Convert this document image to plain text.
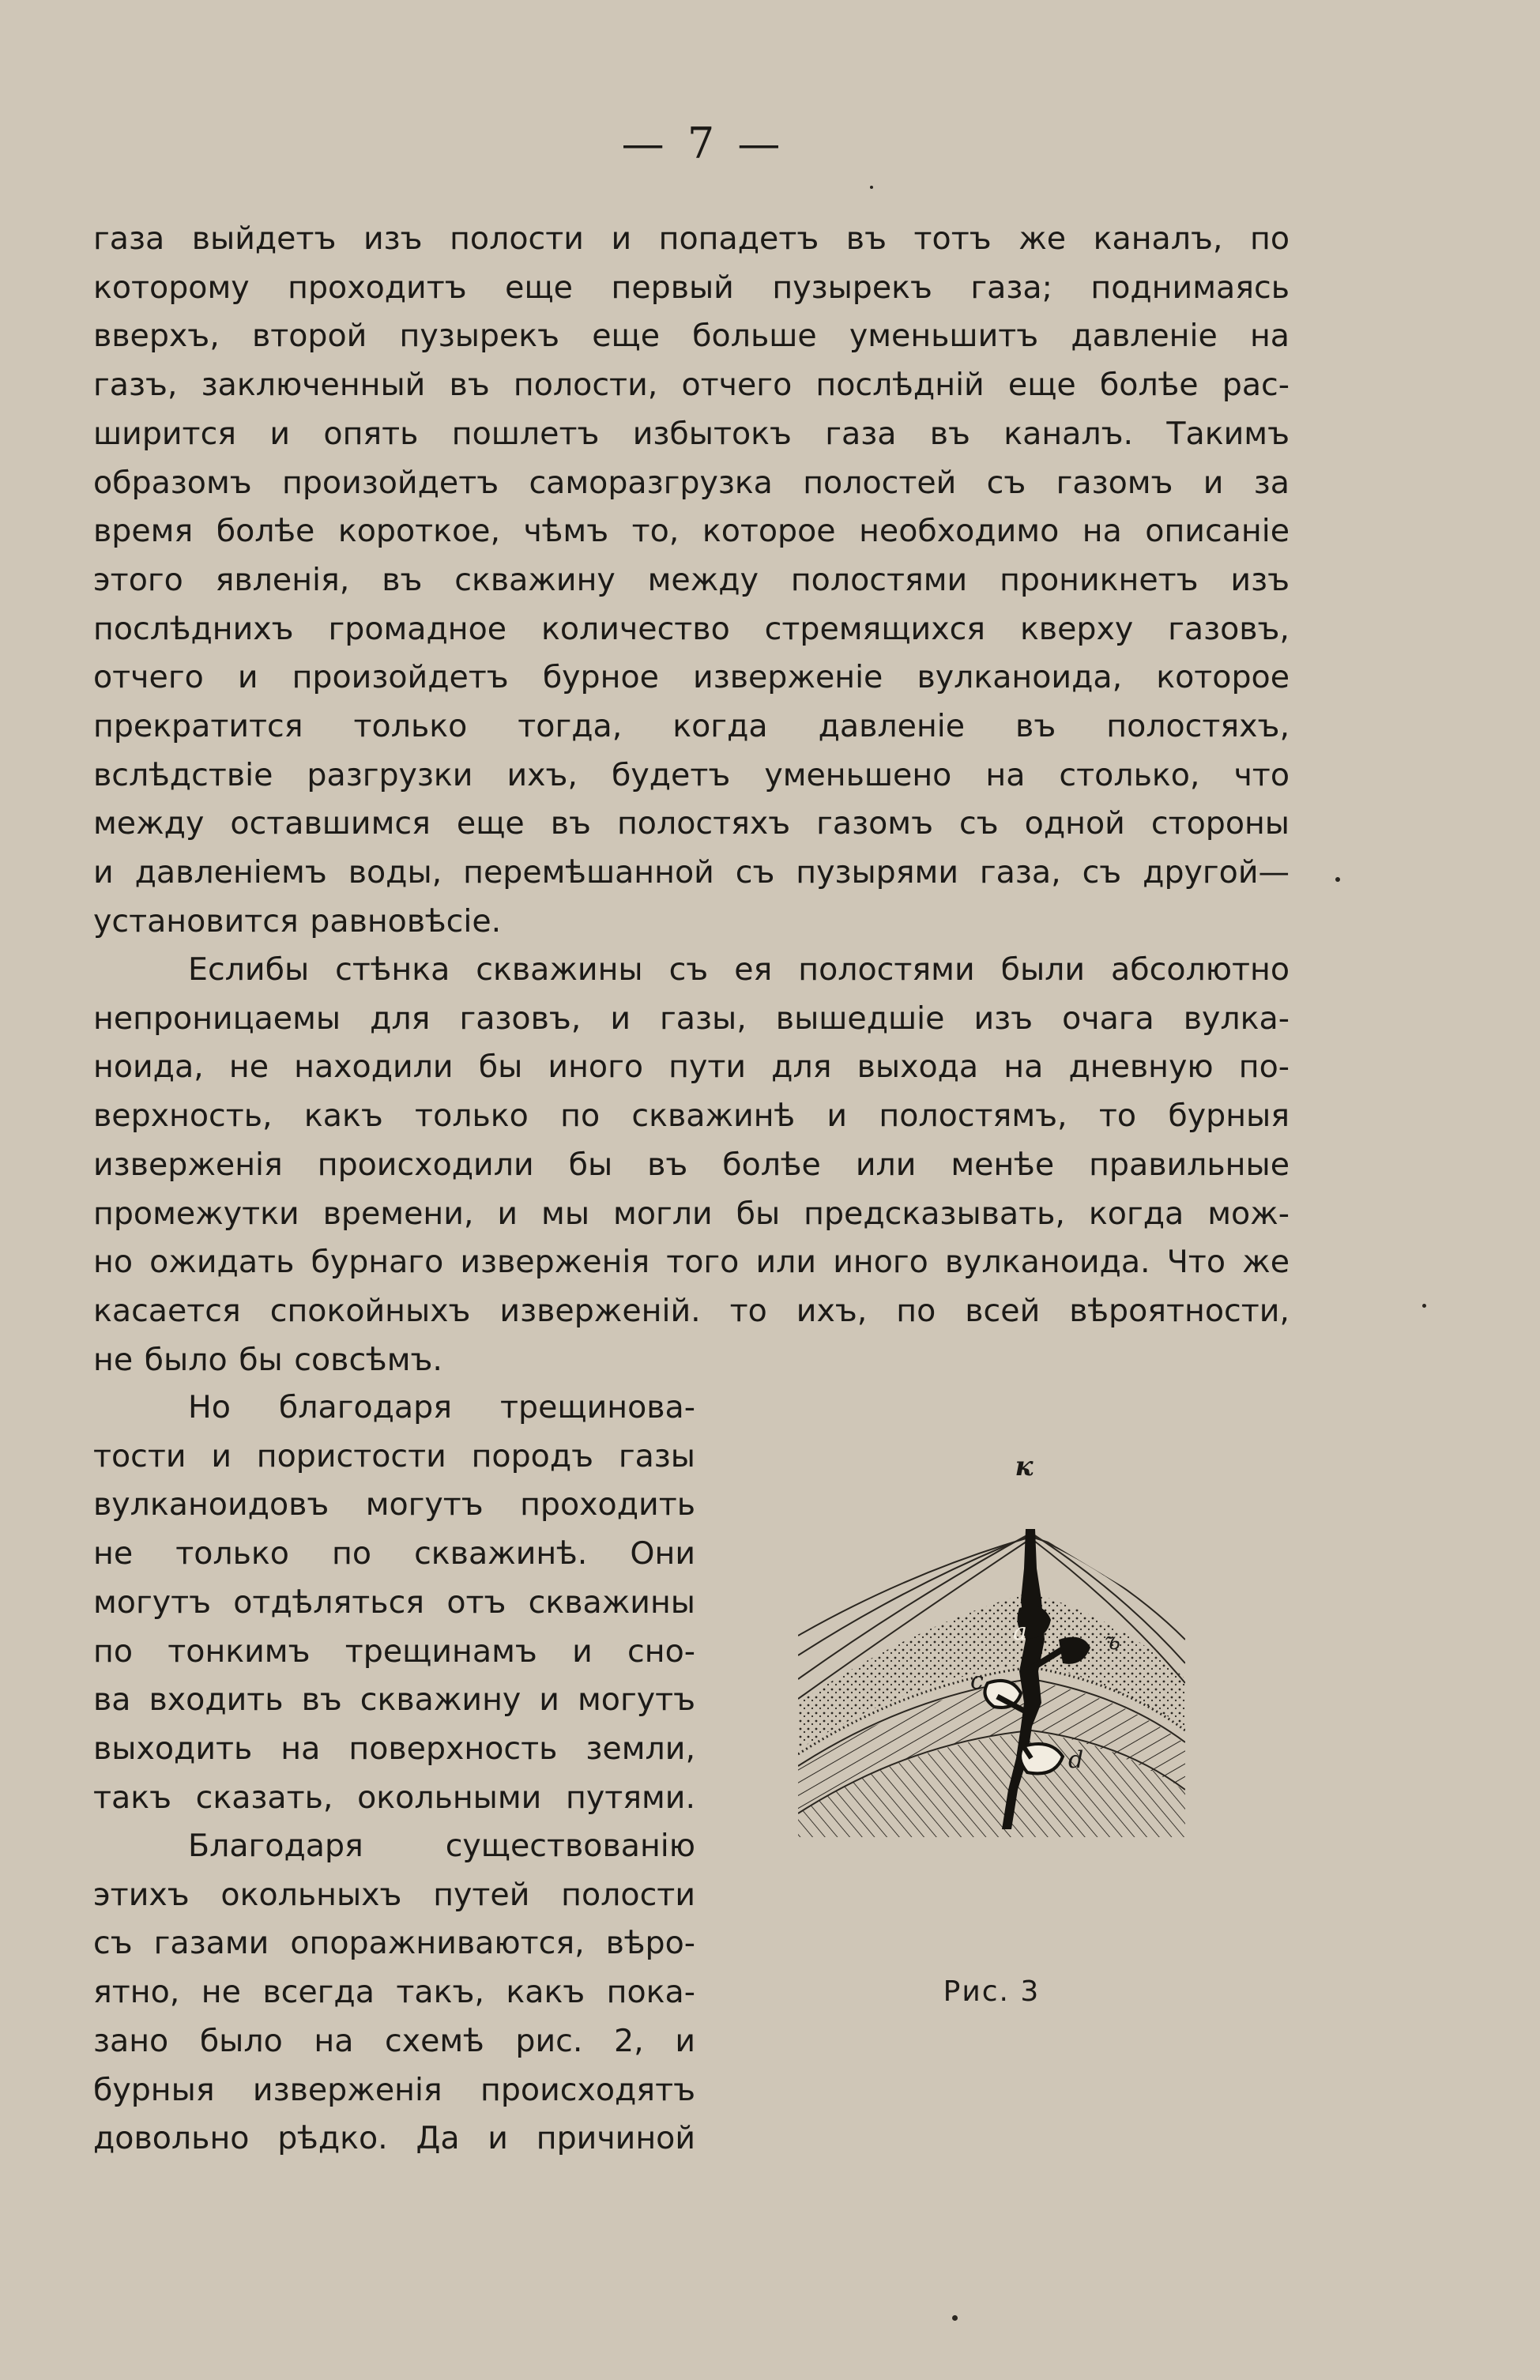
— 7 —

газа выйдетъ изъ полости и попадетъ въ тотъ же каналъ, по

которому проходитъ еще первый пузырекъ газа; поднимаясь

вверхъ, второй пузырекъ еще больше уменьшитъ давленіе на

газъ, заключенный въ полости, отчего послѣдній еще болѣе рас-

ширится и опять пошлетъ избытокъ газа въ каналъ. Такимъ

образомъ произойдетъ саморазгрузка полостей съ газомъ и за

время болѣе короткое, чѣмъ то, которое необходимо на описаніе

этого явленія, въ скважину между полостями проникнетъ изъ

послѣднихъ громадное количество стремящихся кверху газовъ,

отчего и произойдетъ бурное изверженіе вулканоида, которое

прекратится только тогда, когда давленіе въ полостяхъ,

вслѣдствіе разгрузки ихъ, будетъ уменьшено на столько, что

между оставшимся еще въ полостяхъ газомъ съ одной стороны

и давленіемъ воды, перемѣшанной съ пузырями газа, съ другой—

установится равновѣсіе.

Еслибы стѣнка скважины съ ея полостями были абсолютно

непроницаемы для газовъ, и газы, вышедшіе изъ очага вулка-

ноида, не находили бы иного пути для выхода на дневную по-

верхность, какъ только по скважинѣ и полостямъ, то бурныя

изверженія происходили бы въ болѣе или менѣе правильные

промежутки времени, и мы могли бы предсказывать, когда мож-

но ожидать бурнаго изверженія того или иного вулканоида. Что же

касается спокойныхъ изверженій. то ихъ, по всей вѣроятности,

не было бы совсѣмъ.

Но благодаря трещинова-

тости и пористости породъ газы

вулканоидовъ могутъ проходить

не только по скважинѣ. Они

могутъ отдѣляться отъ скважины

по тонкимъ трещинамъ и сно-

ва входить въ скважину и могутъ

выходить на поверхность земли,

такъ сказать, окольными путями.

Благодаря существованію

этихъ окольныхъ путей полости

съ газами опоражниваются, вѣро-

ятно, не всегда такъ, какъ пока-

зано было на схемѣ рис. 2, и

бурныя изверженія происходятъ

довольно рѣдко. Да и причиной

к
а	ъ
с
d
Рис. 3
